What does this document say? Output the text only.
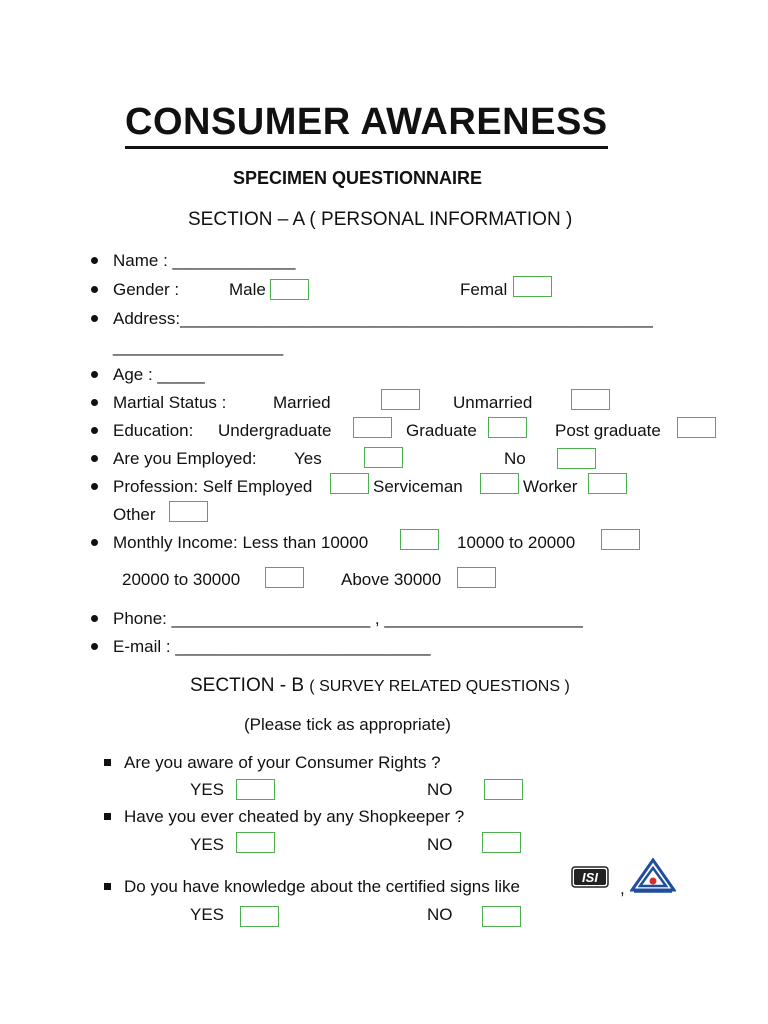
CONSUMER AWARENESS
SPECIMEN QUESTIONNAIRE
SECTION – A ( PERSONAL INFORMATION )
Name : _____________
Gender :	Male	Femal
Address:__________________________________________________
__________________
Age : _____
Martial Status :	Married	Unmarried
Education: Undergraduate	Graduate	Post graduate
Are you Employed: Yes	No
Profession: Self Employed	Serviceman	Worker
Other
Monthly Income: Less than 10000	10000 to 20000
20000 to 30000	Above 30000
Phone: _____________________ , _____________________
E-mail : ___________________________
SECTION - B ( SURVEY RELATED QUESTIONS )
(Please tick as appropriate)
Are you aware of your Consumer Rights ?
YES	NO
Have you ever cheated by any Shopkeeper ?
YES	NO
Do you have knowledge about the certified signs like	ISI
,
YES	NO
